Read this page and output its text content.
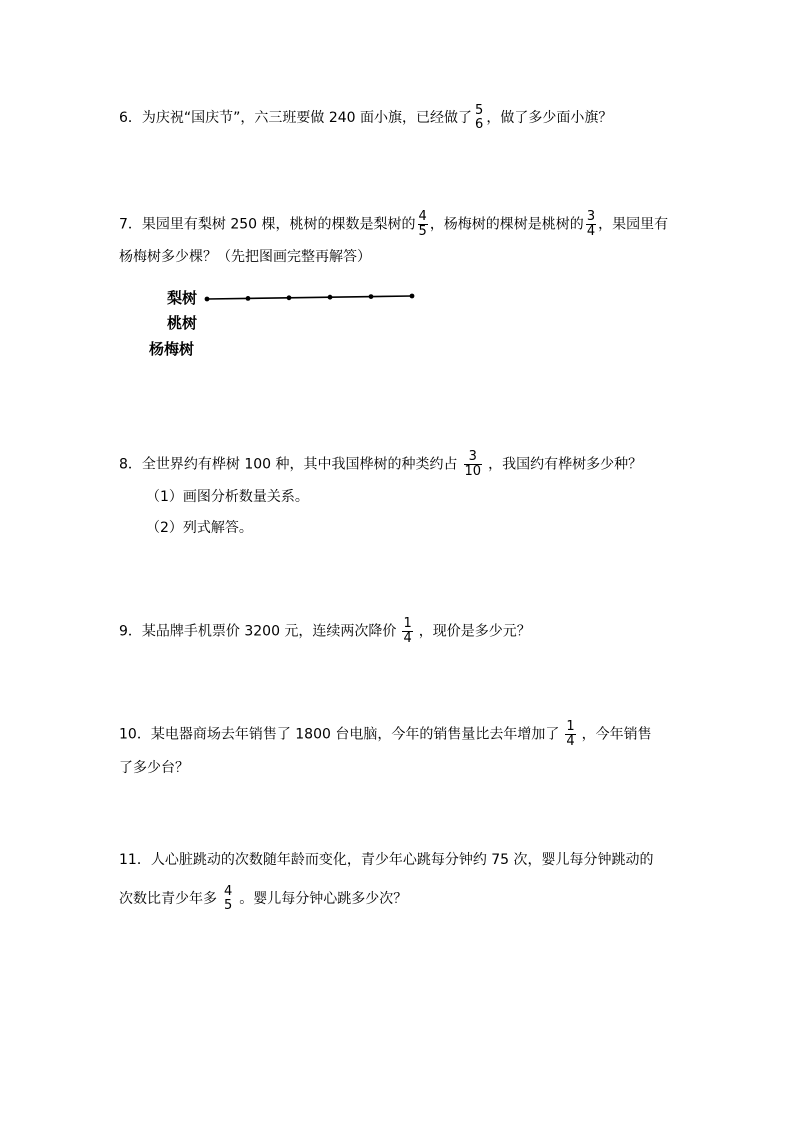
6．为庆祝“国庆节”，六三班要做 240 面小旗，已经做了 5
6 ，做了多少面小旗？
7．果园里有梨树 250 棵，桃树的棵数是梨树的 $\frac{4}{5}$ ，杨梅树的棵树是桃树的 $\frac{3}{4}$ ，果园里有
杨梅树多少棵？（先把图画完整再解答）
梨树
桃树
杨梅树
8．全世界约有桦树 100 种，其中我国桦树的种类约占 $\frac{3}{10}$ ，我国约有桦树多少种？
（1）画图分析数量关系。
（2）列式解答。
9．某品牌手机票价 3200 元，连续两次降价 $\frac{1}{4}$ ，现价是多少元？
10．某电器商场去年销售了 1800 台电脑，今年的销售量比去年增加了 $\frac{1}{4}$ ，今年销售
了多少台？
11．人心脏跳动的次数随年龄而变化，青少年心跳每分钟约 75 次，婴儿每分钟跳动的
次数比青少年多 4
5 。婴儿每分钟心跳多少次？
